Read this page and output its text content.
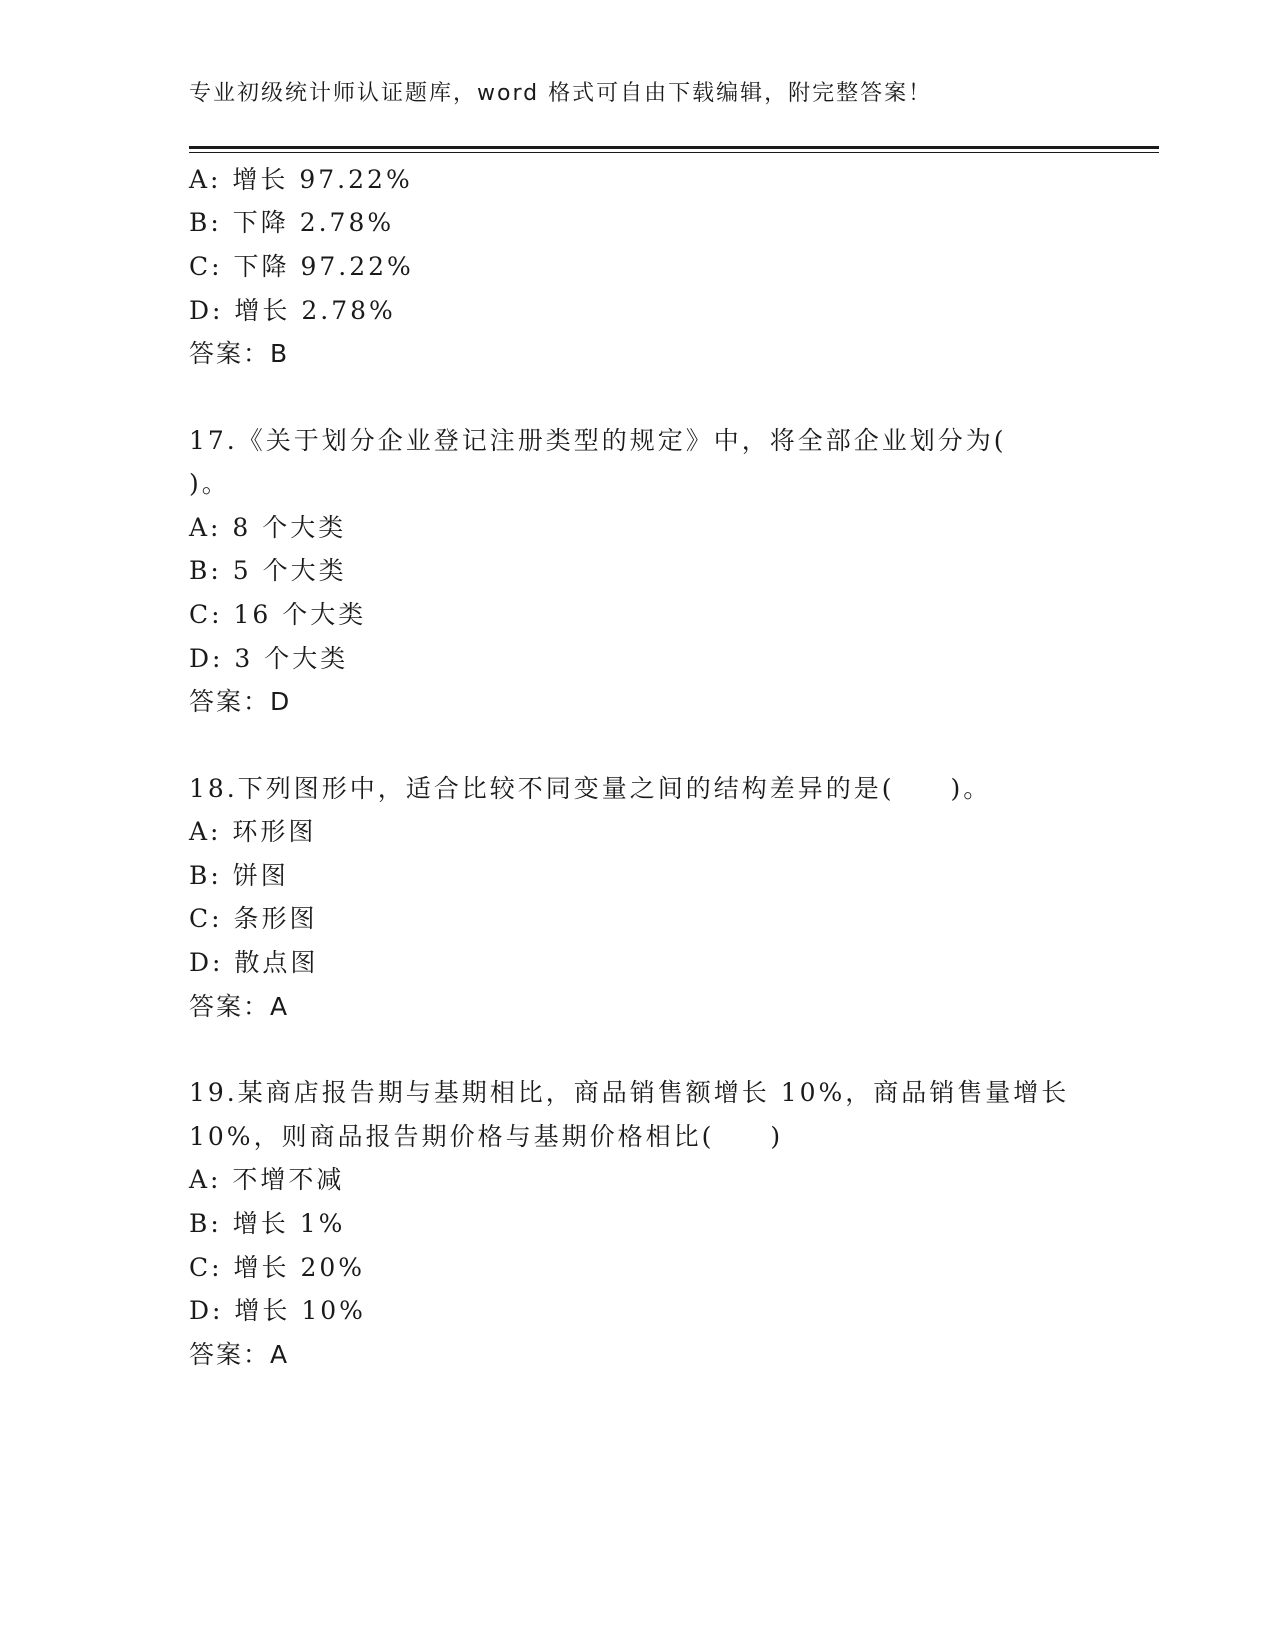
专业初级统计师认证题库，word 格式可自由下载编辑，附完整答案！
A: 增长 97.22%
B: 下降 2.78%
C: 下降 97.22%
D: 增长 2.78%
答案：B
17.《关于划分企业登记注册类型的规定》中，将全部企业划分为(
)。
A: 8 个大类
B: 5 个大类
C: 16 个大类
D: 3 个大类
答案：D
18.下列图形中，适合比较不同变量之间的结构差异的是(　　)。
A: 环形图
B: 饼图
C: 条形图
D: 散点图
答案：A
19.某商店报告期与基期相比，商品销售额增长 10%，商品销售量增长
10%，则商品报告期价格与基期价格相比(　　)
A: 不增不减
B: 增长 1%
C: 增长 20%
D: 增长 10%
答案：A
